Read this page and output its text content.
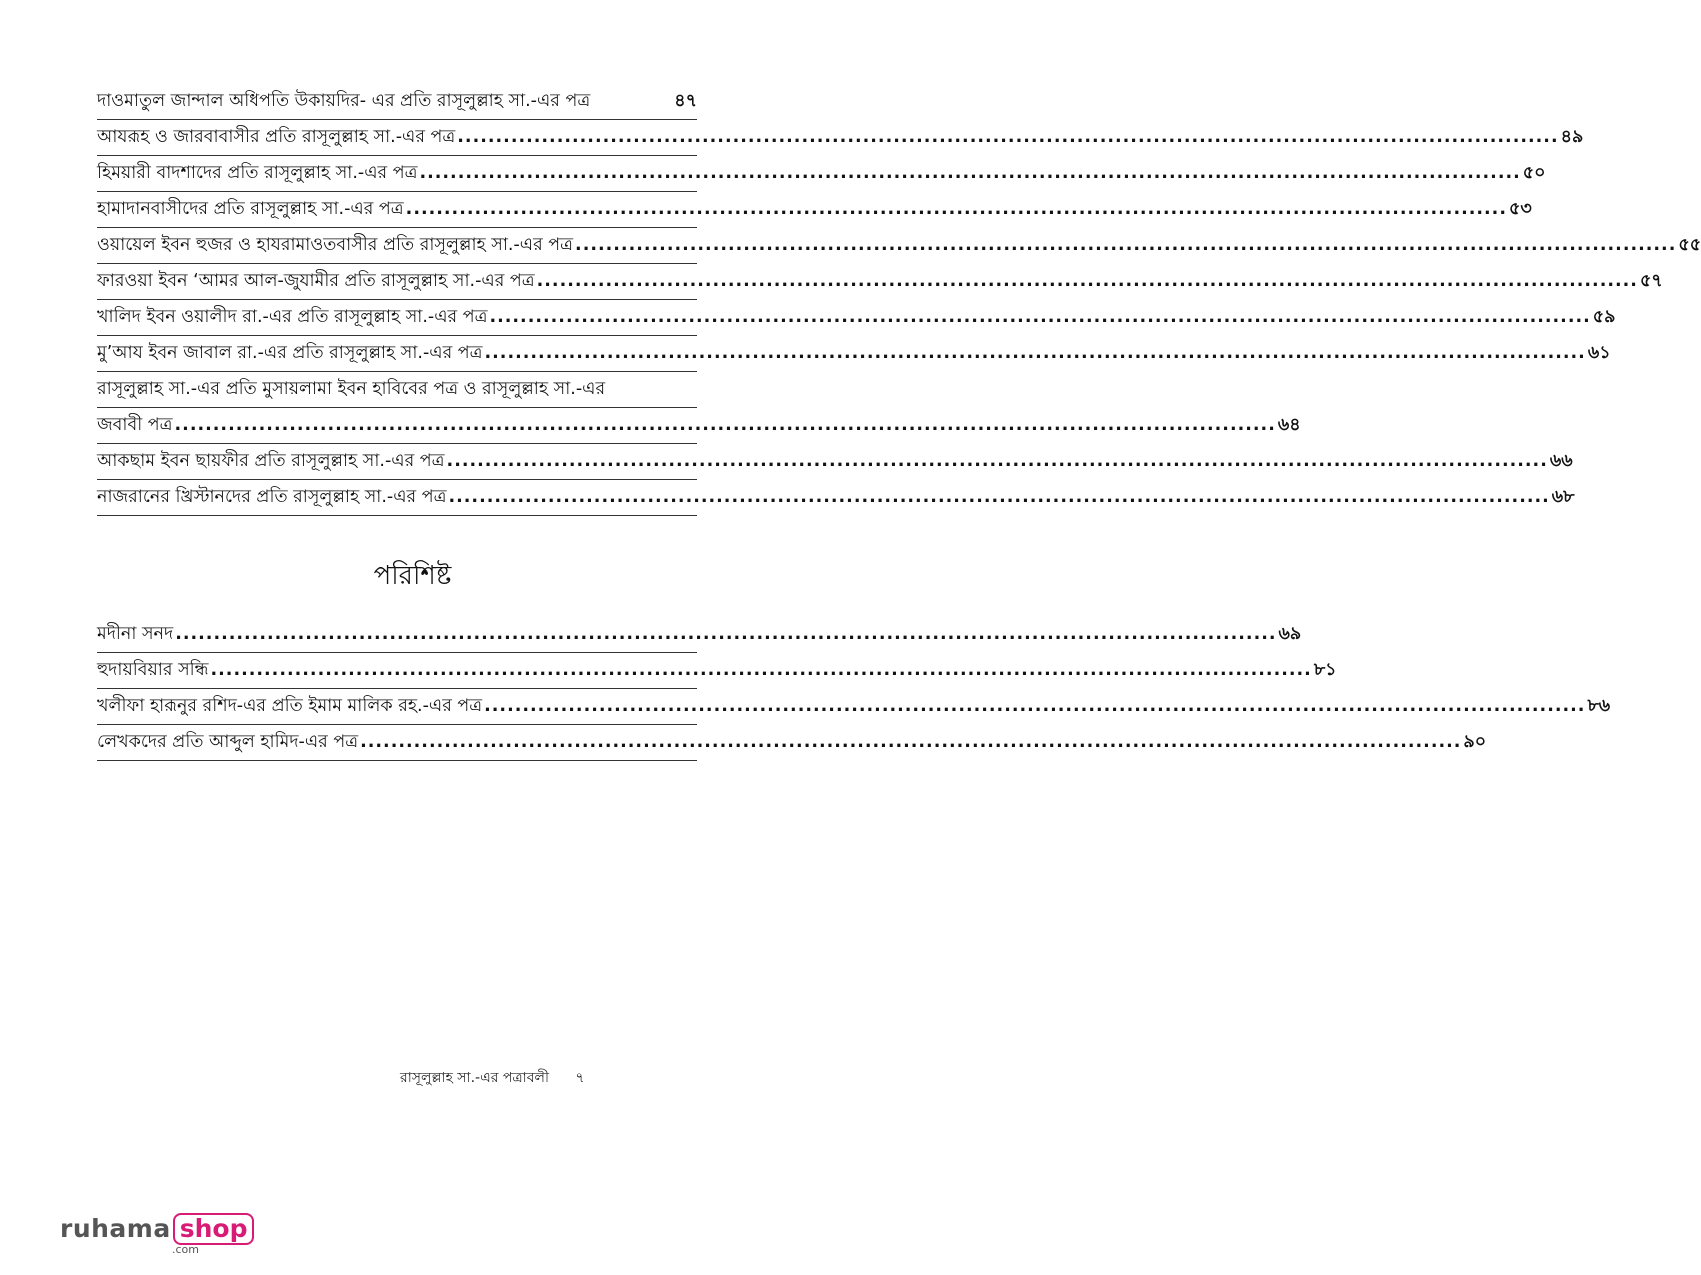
দাওমাতুল জান্দাল অধিপতি উকায়দির- এর প্রতি রাসূলুল্লাহ সা.-এর পত্র	৪৭
আযরূহ ও জারবাবাসীর প্রতি রাসূলুল্লাহ সা.-এর পত্র .....	৪৯
হিময়ারী বাদশাদের প্রতি রাসূলুল্লাহ সা.-এর পত্র .....	৫০
হামাদানবাসীদের প্রতি রাসূলুল্লাহ সা.-এর পত্র .....	৫৩
ওয়ায়েল ইবন হুজর ও হাযরামাওতবাসীর প্রতি রাসূলুল্লাহ সা.-এর পত্র .....	৫৫
ফারওয়া ইবন ‘আমর আল-জুযামীর প্রতি রাসূলুল্লাহ সা.-এর পত্র .....	৫৭
খালিদ ইবন ওয়ালীদ রা.-এর প্রতি রাসূলুল্লাহ সা.-এর পত্র .....	৫৯
মু’আয ইবন জাবাল রা.-এর প্রতি রাসূলুল্লাহ সা.-এর পত্র .....	৬১
রাসূলুল্লাহ সা.-এর প্রতি মুসায়লামা ইবন হাবিবের পত্র ও রাসূলুল্লাহ সা.-এর
জবাবী পত্র .....	৬৪
আকছাম ইবন ছায়ফীর প্রতি রাসূলুল্লাহ সা.-এর পত্র .....	৬৬
নাজরানের খ্রিস্টানদের প্রতি রাসূলুল্লাহ সা.-এর পত্র .....	৬৮
পরিশিষ্ট
মদীনা সনদ .....	৬৯
হুদায়বিয়ার সন্ধি .....	৮১
খলীফা হারূনুর রশিদ-এর প্রতি ইমাম মালিক রহ.-এর পত্র .....	৮৬
লেখকদের প্রতি আব্দুল হামিদ-এর পত্র .....	৯০
রাসূলুল্লাহ সা.-এর পত্রাবলী ৭
ruhama shop
.com
